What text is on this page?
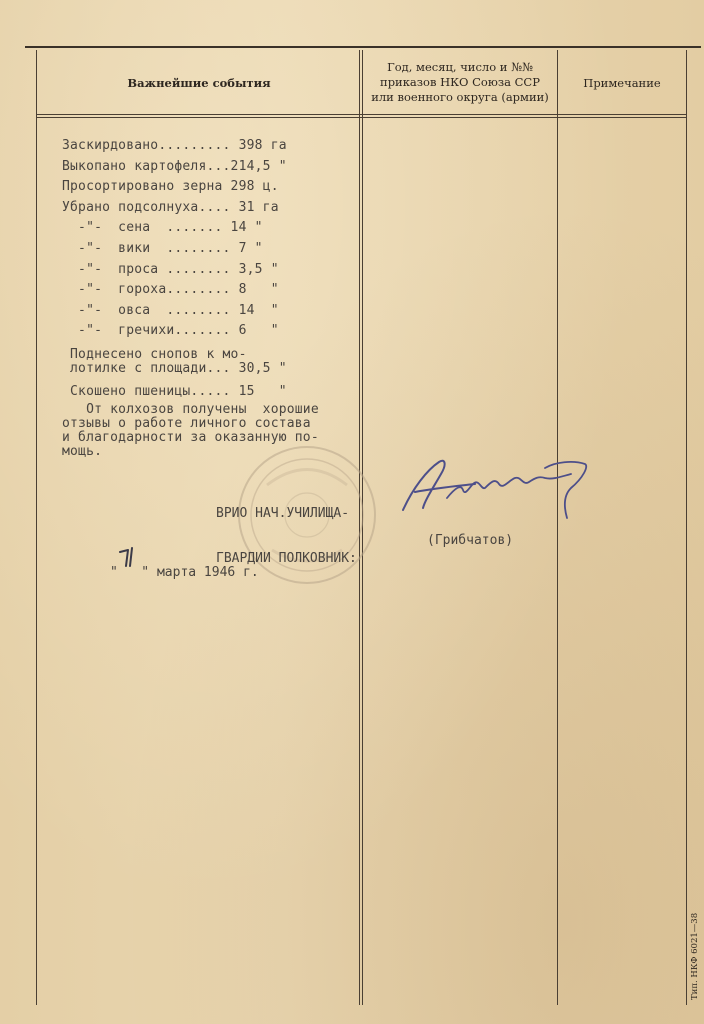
Важнейшие события
Год, месяц, число и №№
приказов НКО Союза ССР
или военного округа (армии)
Примечание
Заскирдовано......... 398 га
Выкопано картофеля...214,5 "
Просортировано зерна 298 ц.
Убрано подсолнуха.... 31 га
-"-  сена  ....... 14 "
-"-  вики  ........ 7 "
-"-  проса ........ 3,5 "
-"-  гороха........ 8   "
-"-  овса  ........ 14  "
-"-  гречихи....... 6   "
Поднесено снопов к мо-
лотилке с площади... 30,5 "
Скошено пшеницы..... 15   "
От колхозов получены  хорошие
отзывы о работе личного состава
и благодарности за оказанную по-
мощь.

ВРИО НАЧ.УЧИЛИЩА-

ГВАРДИИ ПОЛКОВНИК:

(Грибчатов)
"   " марта 1946 г.
Тип. НКФ 6021—38
